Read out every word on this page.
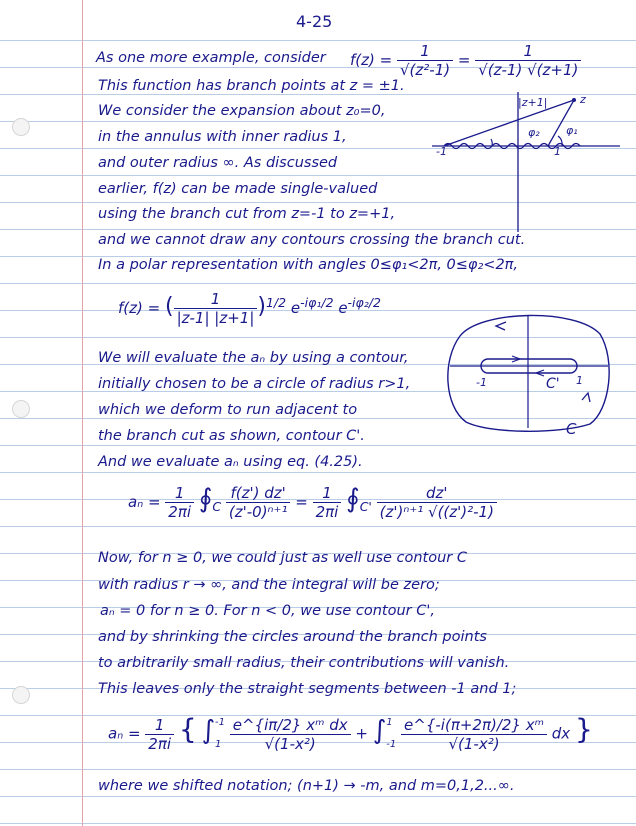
4-25
As one more example, consider
This function has branch points at z = ±1.
We consider the expansion about z₀=0,
in the annulus with inner radius 1,
and outer radius ∞. As discussed
earlier, f(z) can be made single-valued
using the branch cut from z=-1 to z=+1,
and we cannot draw any contours crossing the branch cut.
In a polar representation with angles 0≤φ₁<2π, 0≤φ₂<2π,
$f(z) = \frac{1}{\text{√(z²-1)}} = \frac{1}{√(z-1) √(z+1)}$
z
|z+1|
φ₂ φ₁
-1	1
f(z) = ( $\frac{1}{|z-1| |z+1|} )^{1/2}$ $e^{-i\varphi_1/2}$ $e^{-i\varphi_2/2}$
We will evaluate the aₙ by using a contour,
initially chosen to be a circle of radius r>1,
which we deform to run adjacent to
the branch cut as shown, contour C'.
And we evaluate aₙ using eq. (4.25).
-1	1
C'
C
$a_n = \frac{1}{2\pi i}$ $∮_C \frac{f(z') dz'}{\text{(z'-0)ⁿ⁺¹}} = \frac{1}{2\pi i}$ $∮_{C'} \frac{dz'}{\text{(z')ⁿ⁺¹ √((z')²-1)}}$
Now, for n ≥ 0, we could just as well use contour C
with radius r → ∞, and the integral will be zero;
aₙ = 0 for n ≥ 0. For n < 0, we use contour C',
and by shrinking the circles around the branch points
to arbitrarily small radius, their contributions will vanish.
This leaves only the straight segments between -1 and 1;
$a_n = \frac{1}{2\pi i}$ { ∫ -1
1
$\frac{\text{e\textasciicircum{}\{iπ/2\} xᵐ dx}}{\text{√(1-x²)}}$ + ∫ 1
-1
$\frac{\text{e\textasciicircum{}\{-i(π+2π)/2\} xᵐ}}{\text{√(1-x²)}}$ dx }
where we shifted notation; (n+1) → -m, and m=0,1,2...∞.
